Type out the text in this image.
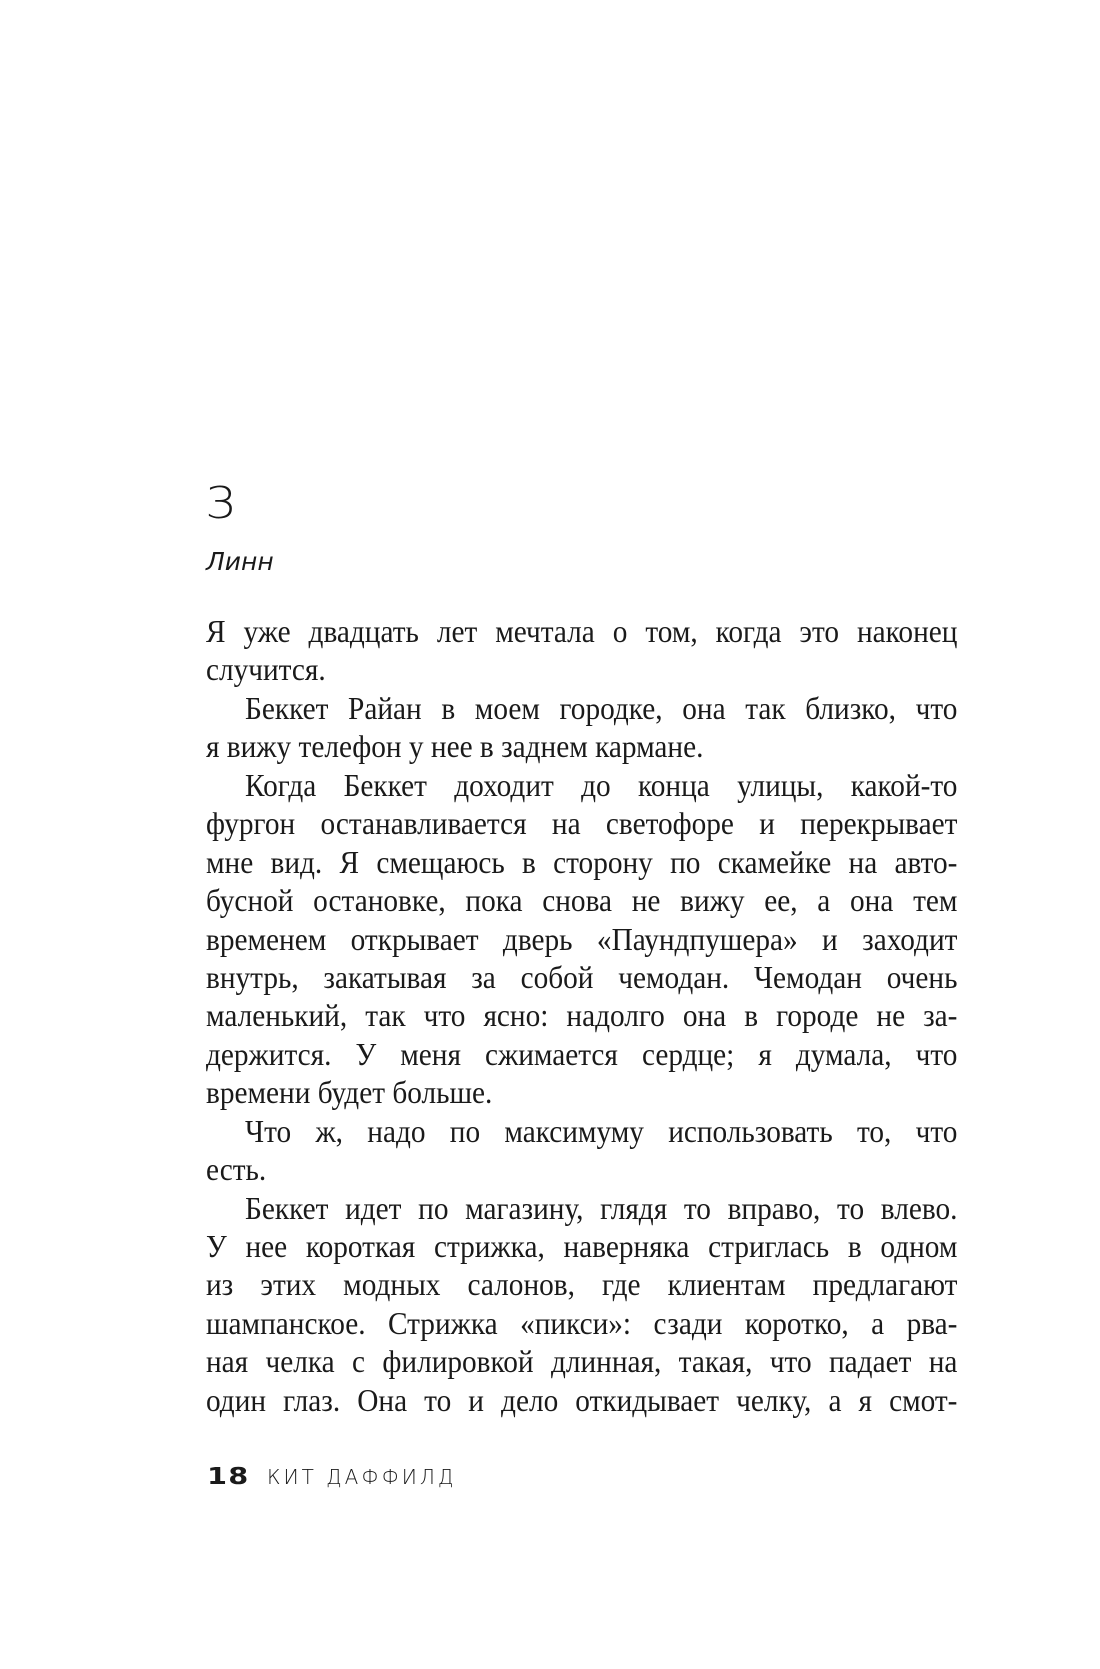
3
Линн
Я уже двадцать лет мечтала о том, когда это наконец
случится.
Беккет Райан в моем городке, она так близко, что
я вижу телефон у нее в заднем кармане.
Когда Беккет доходит до конца улицы, какой-то
фургон останавливается на светофоре и перекрывает
мне вид. Я смещаюсь в сторону по скамейке на авто-
бусной остановке, пока снова не вижу ее, а она тем
временем открывает дверь «Паундпушера» и заходит
внутрь, закатывая за собой чемодан. Чемодан очень
маленький, так что ясно: надолго она в городе не за-
держится. У меня сжимается сердце; я думала, что
времени будет больше.
Что ж, надо по максимуму использовать то, что
есть.
Беккет идет по магазину, глядя то вправо, то влево.
У нее короткая стрижка, наверняка стриглась в одном
из этих модных салонов, где клиентам предлагают
шампанское. Стрижка «пикси»: сзади коротко, а рва-
ная челка с филировкой длинная, такая, что падает на
один глаз. Она то и дело откидывает челку, а я смот-
18 КИТ ДАФФИЛД
